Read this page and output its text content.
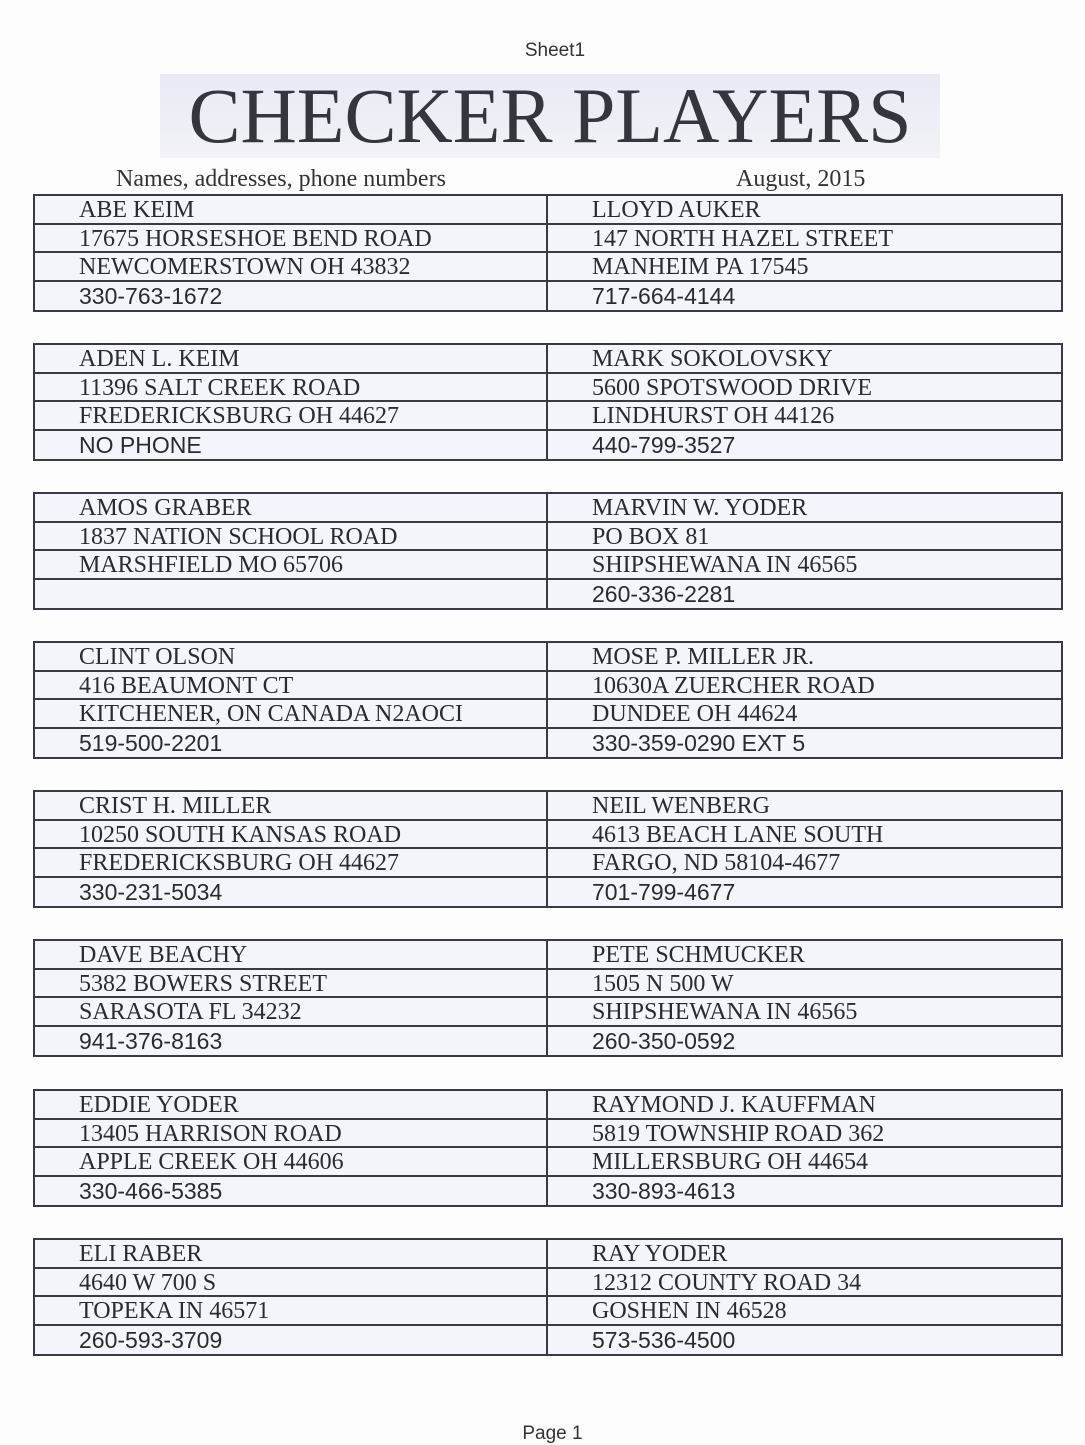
Sheet1
CHECKER PLAYERS
Names, addresses, phone numbers	August, 2015
ABE KEIM
17675 HORSESHOE BEND ROAD
NEWCOMERSTOWN OH 43832
330-763-1672
LLOYD AUKER
147 NORTH HAZEL STREET
MANHEIM PA 17545
717-664-4144
ADEN L. KEIM
11396 SALT CREEK ROAD
FREDERICKSBURG OH 44627
NO PHONE
MARK SOKOLOVSKY
5600 SPOTSWOOD DRIVE
LINDHURST OH 44126
440-799-3527
AMOS GRABER
1837 NATION SCHOOL ROAD
MARSHFIELD MO 65706
MARVIN W. YODER
PO BOX 81
SHIPSHEWANA IN 46565
260-336-2281
CLINT OLSON
416 BEAUMONT CT
KITCHENER, ON CANADA N2AOCI
519-500-2201
MOSE P. MILLER JR.
10630A ZUERCHER ROAD
DUNDEE OH 44624
330-359-0290 EXT 5
CRIST H. MILLER
10250 SOUTH KANSAS ROAD
FREDERICKSBURG OH 44627
330-231-5034
NEIL WENBERG
4613 BEACH LANE SOUTH
FARGO, ND 58104-4677
701-799-4677
DAVE BEACHY
5382 BOWERS STREET
SARASOTA FL 34232
941-376-8163
PETE SCHMUCKER
1505 N 500 W
SHIPSHEWANA IN 46565
260-350-0592
EDDIE YODER
13405 HARRISON ROAD
APPLE CREEK OH 44606
330-466-5385
RAYMOND J. KAUFFMAN
5819 TOWNSHIP ROAD 362
MILLERSBURG OH 44654
330-893-4613
ELI RABER
4640 W 700 S
TOPEKA IN 46571
260-593-3709
RAY YODER
12312 COUNTY ROAD 34
GOSHEN IN 46528
573-536-4500
Page 1
